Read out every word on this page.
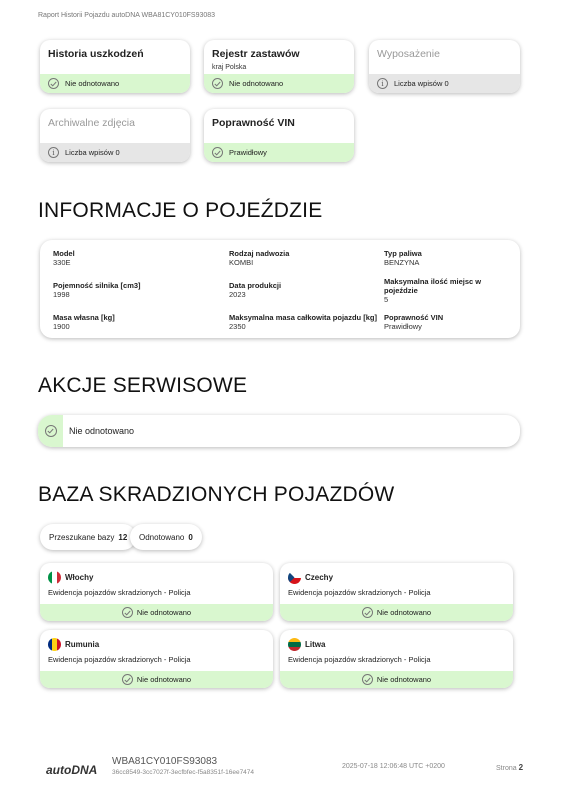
Raport Historii Pojazdu autoDNA WBA81CY010FS93083
Historia uszkodzeń
Nie odnotowano
Rejestr zastawów
kraj Polska
Nie odnotowano
Wyposażenie
i	Liczba wpisów 0
Archiwalne zdjęcia
i	Liczba wpisów 0
Poprawność VIN
Prawidłowy
INFORMACJE O POJEŹDZIE
Model
330E
Rodzaj nadwozia
KOMBI
Typ paliwa
BENZYNA
Pojemność silnika [cm3]
1998
Data produkcji
2023
Maksymalna ilość miejsc w pojeździe
5
Masa własna [kg]
1900
Maksymalna masa całkowita pojazdu [kg]
2350
Poprawność VIN
Prawidłowy
AKCJE SERWISOWE
Nie odnotowano
BAZA SKRADZIONYCH POJAZDÓW
Przeszukane bazy 12 Odnotowano 0
Włochy
Ewidencja pojazdów skradzionych - Policja
Nie odnotowano
Czechy
Ewidencja pojazdów skradzionych - Policja
Nie odnotowano
Rumunia
Ewidencja pojazdów skradzionych - Policja
Nie odnotowano
Litwa
Ewidencja pojazdów skradzionych - Policja
Nie odnotowano
autoDNA
WBA81CY010FS93083
36cc8549-3cc7027f-3ecfbfec-f5a8351f-16ee7474
2025-07-18 12:06:48 UTC +0200	Strona 2
